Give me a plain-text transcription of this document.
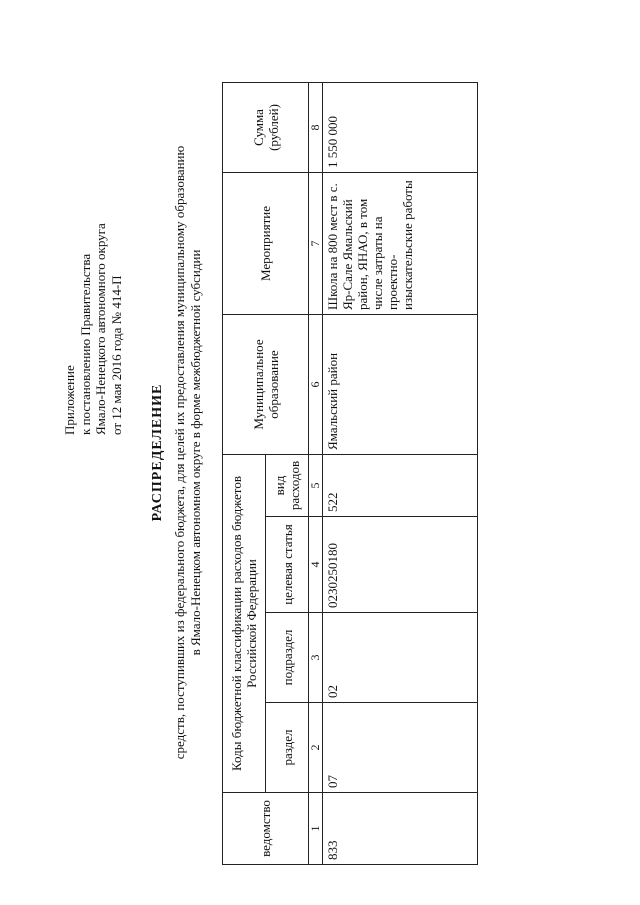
Приложение к постановлению Правительства Ямало-Ненецкого автономного округа от 12 мая 2016 года № 414-П
РАСПРЕДЕЛЕНИЕ средств, поступивших из федерального бюджета, для целей их предоставления муниципальному образованию в Ямало-Ненецком автономном округе в форме межбюджетной субсидии
ведомство	Коды бюджетной классификации расходов бюджетов Российской Федерации				Муниципальное образование	Мероприятие	Сумма (рублей)
	раздел	подраздел	целевая статья	вид расходов			
1	2	3	4	5	6	7	8
833	07	02	0230250180	522	Ямальский район	Школа на 800 мест в с. Яр-Сале Ямальский район, ЯНАО, в том числе затраты на проектно-изыскательские работы	1 550 000
